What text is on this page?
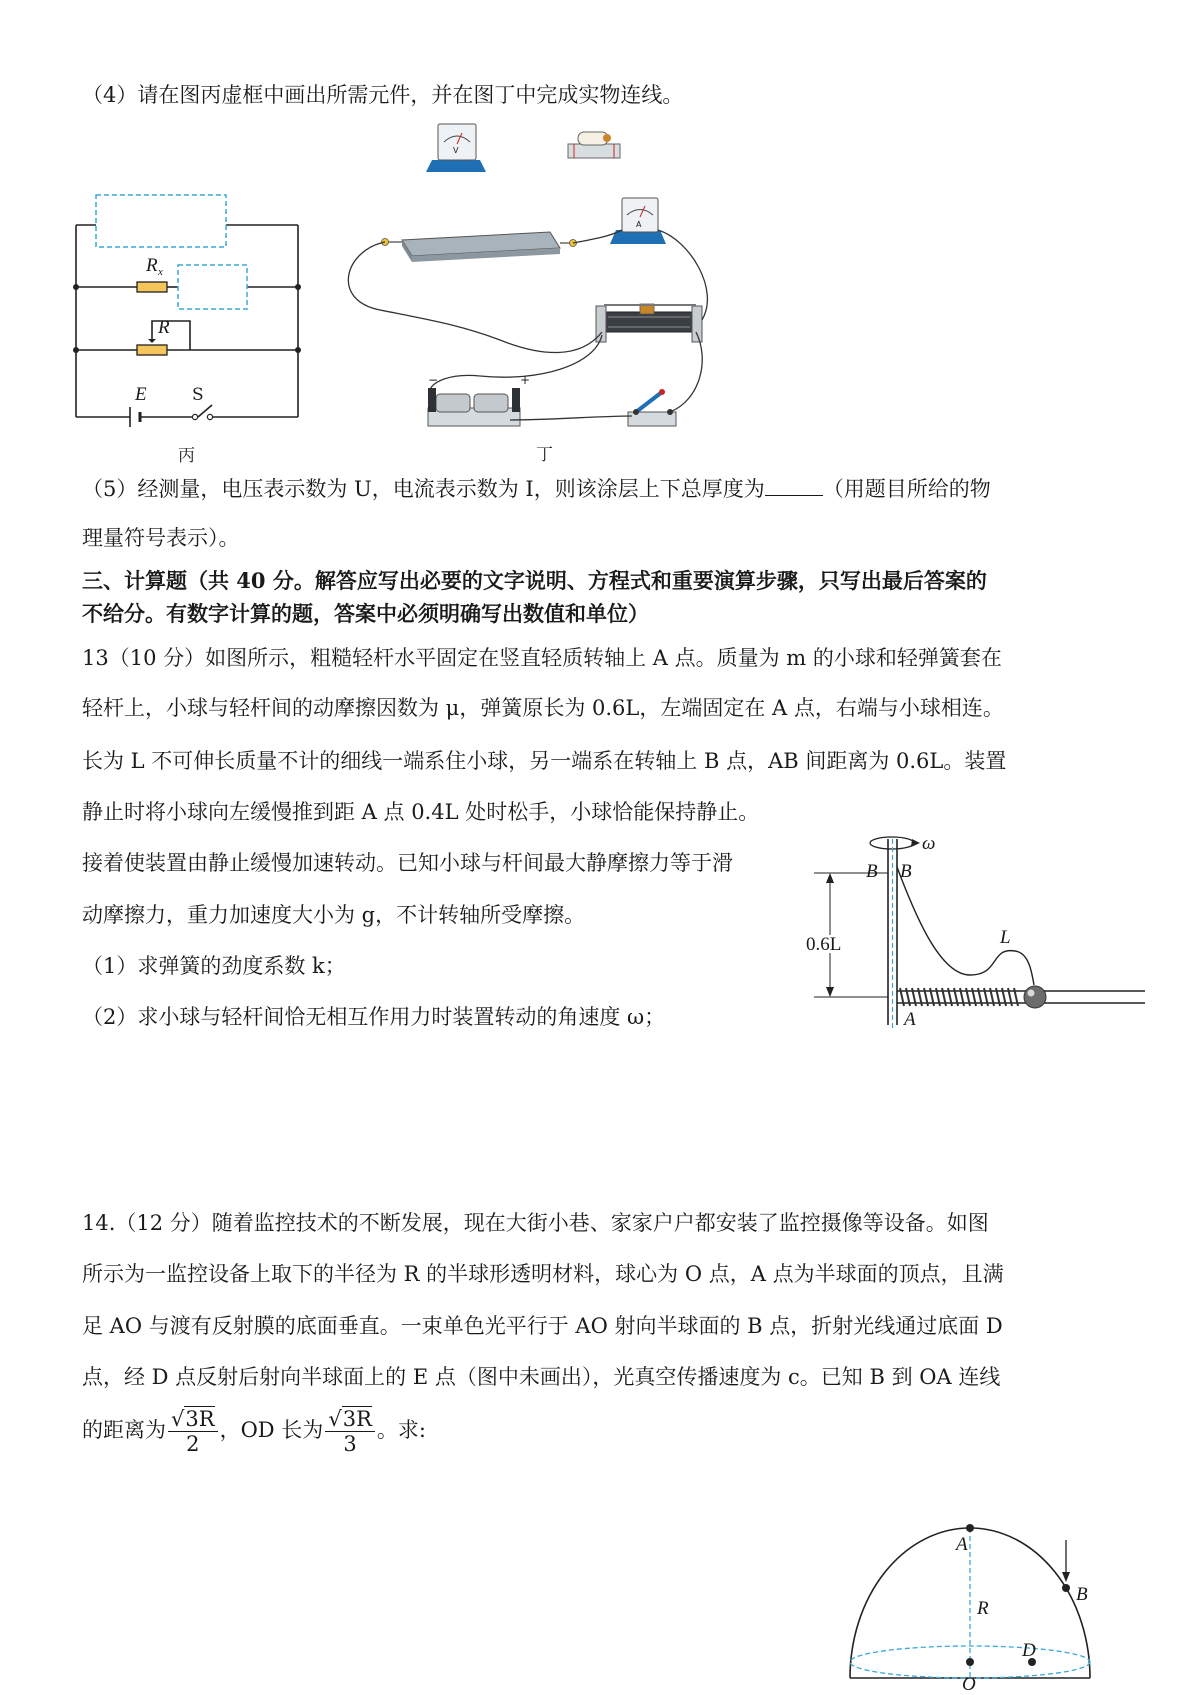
（4）请在图丙虚框中画出所需元件，并在图丁中完成实物连线。
R x
R
E	S
丙
V
A
−	+
丁
（5）经测量，电压表示数为 U，电流表示数为 I，则该涂层上下总厚度为	（用题目所给的物
理量符号表示）。
三、计算题（共 40 分。解答应写出必要的文字说明、方程式和重要演算步骤，只写出最后答案的
不给分。有数字计算的题，答案中必须明确写出数值和单位）
13（10 分）如图所示，粗糙轻杆水平固定在竖直轻质转轴上 A 点。质量为 m 的小球和轻弹簧套在
轻杆上，小球与轻杆间的动摩擦因数为 μ，弹簧原长为 0.6L，左端固定在 A 点，右端与小球相连。
长为 L 不可伸长质量不计的细线一端系住小球，另一端系在转轴上 B 点，AB 间距离为 0.6L。装置
静止时将小球向左缓慢推到距 A 点 0.4L 处时松手，小球恰能保持静止。
接着使装置由静止缓慢加速转动。已知小球与杆间最大静摩擦力等于滑
动摩擦力，重力加速度大小为 g，不计转轴所受摩擦。
（1）求弹簧的劲度系数 k；
（2）求小球与轻杆间恰无相互作用力时装置转动的角速度 ω；
ω
0.6L
B B
L
A
14.（12 分）随着监控技术的不断发展，现在大街小巷、家家户户都安装了监控摄像等设备。如图
所示为一监控设备上取下的半径为 R 的半球形透明材料，球心为 O 点，A 点为半球面的顶点，且满
足 AO 与渡有反射膜的底面垂直。一束单色光平行于 AO 射向半球面的 B 点，折射光线通过底面 D
点，经 D 点反射后射向半球面上的 E 点（图中未画出），光真空传播速度为 c。已知 B 到 OA 连线
的距离为 $\frac{√3R}{2}$ ，OD 长为 $\frac{√3R}{3}$ 。求:
A
B
R
D
O
